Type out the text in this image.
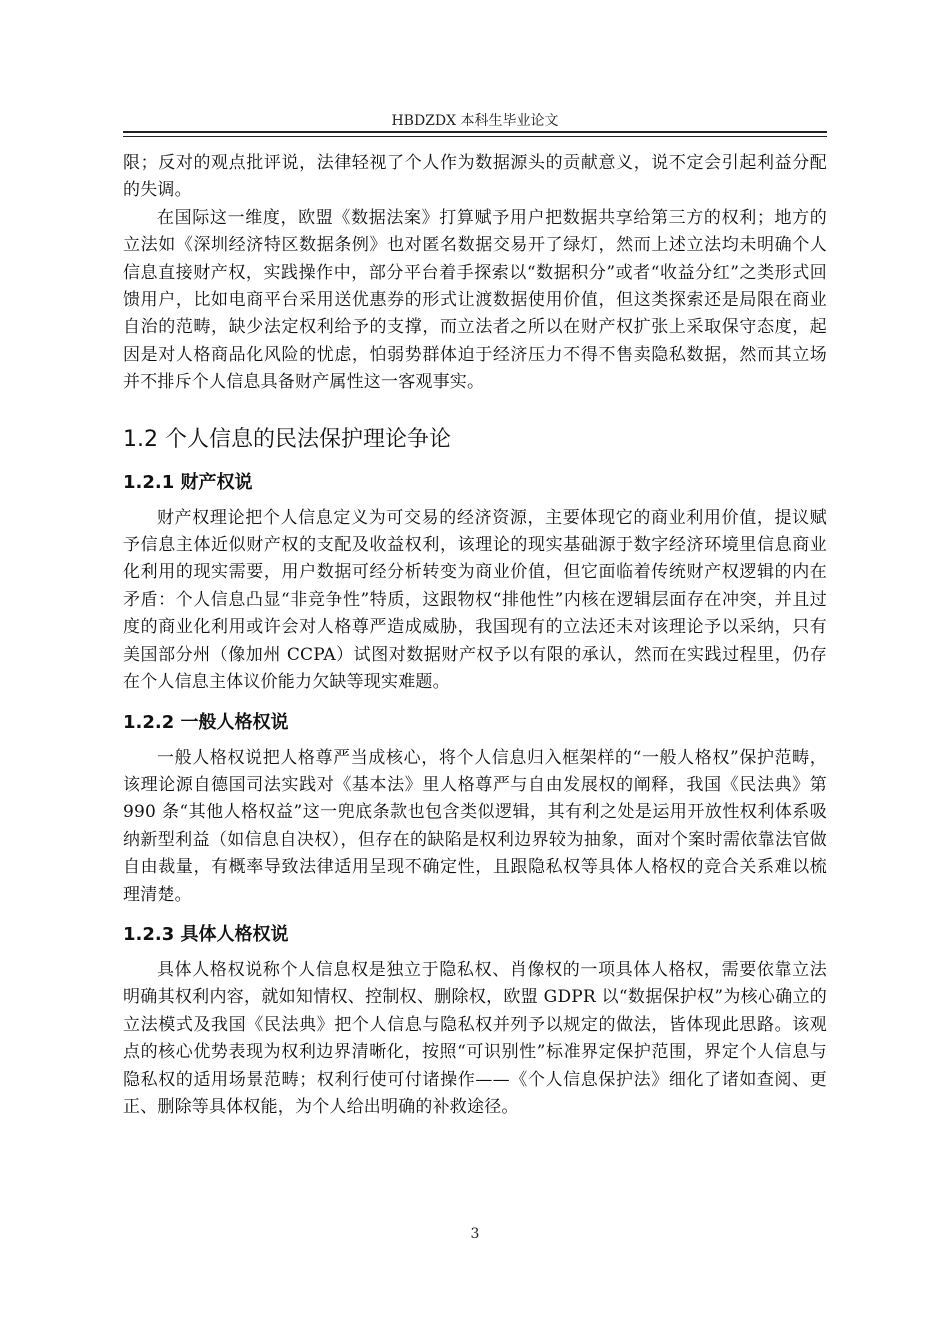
HBDZDX 本科生毕业论文

限；反对的观点批评说，法律轻视了个人作为数据源头的贡献意义，说不定会引起利益分配的失调。

在国际这一维度，欧盟《数据法案》打算赋予用户把数据共享给第三方的权利；地方的立法如《深圳经济特区数据条例》也对匿名数据交易开了绿灯，然而上述立法均未明确个人信息直接财产权，实践操作中，部分平台着手探索以“数据积分”或者“收益分红”之类形式回馈用户，比如电商平台采用送优惠券的形式让渡数据使用价值，但这类探索还是局限在商业自治的范畴，缺少法定权利给予的支撑，而立法者之所以在财产权扩张上采取保守态度，起因是对人格商品化风险的忧虑，怕弱势群体迫于经济压力不得不售卖隐私数据，然而其立场并不排斥个人信息具备财产属性这一客观事实。

1.2 个人信息的民法保护理论争论
1.2.1 财产权说

财产权理论把个人信息定义为可交易的经济资源，主要体现它的商业利用价值，提议赋予信息主体近似财产权的支配及收益权利，该理论的现实基础源于数字经济环境里信息商业化利用的现实需要，用户数据可经分析转变为商业价值，但它面临着传统财产权逻辑的内在矛盾：个人信息凸显“非竞争性”特质，这跟物权“排他性”内核在逻辑层面存在冲突，并且过度的商业化利用或许会对人格尊严造成威胁，我国现有的立法还未对该理论予以采纳，只有美国部分州（像加州 CCPA）试图对数据财产权予以有限的承认，然而在实践过程里，仍存在个人信息主体议价能力欠缺等现实难题。

1.2.2 一般人格权说

一般人格权说把人格尊严当成核心，将个人信息归入框架样的“一般人格权”保护范畴，该理论源自德国司法实践对《基本法》里人格尊严与自由发展权的阐释，我国《民法典》第 990 条“其他人格权益”这一兜底条款也包含类似逻辑，其有利之处是运用开放性权利体系吸纳新型利益（如信息自决权），但存在的缺陷是权利边界较为抽象，面对个案时需依靠法官做自由裁量，有概率导致法律适用呈现不确定性，且跟隐私权等具体人格权的竞合关系难以梳理清楚。

1.2.3 具体人格权说

具体人格权说称个人信息权是独立于隐私权、肖像权的一项具体人格权，需要依靠立法明确其权利内容，就如知情权、控制权、删除权，欧盟 GDPR 以“数据保护权”为核心确立的立法模式及我国《民法典》把个人信息与隐私权并列予以规定的做法，皆体现此思路。该观点的核心优势表现为权利边界清晰化，按照“可识别性”标准界定保护范围，界定个人信息与隐私权的适用场景范畴；权利行使可付诸操作——《个人信息保护法》细化了诸如查阅、更正、删除等具体权能，为个人给出明确的补救途径。

3
